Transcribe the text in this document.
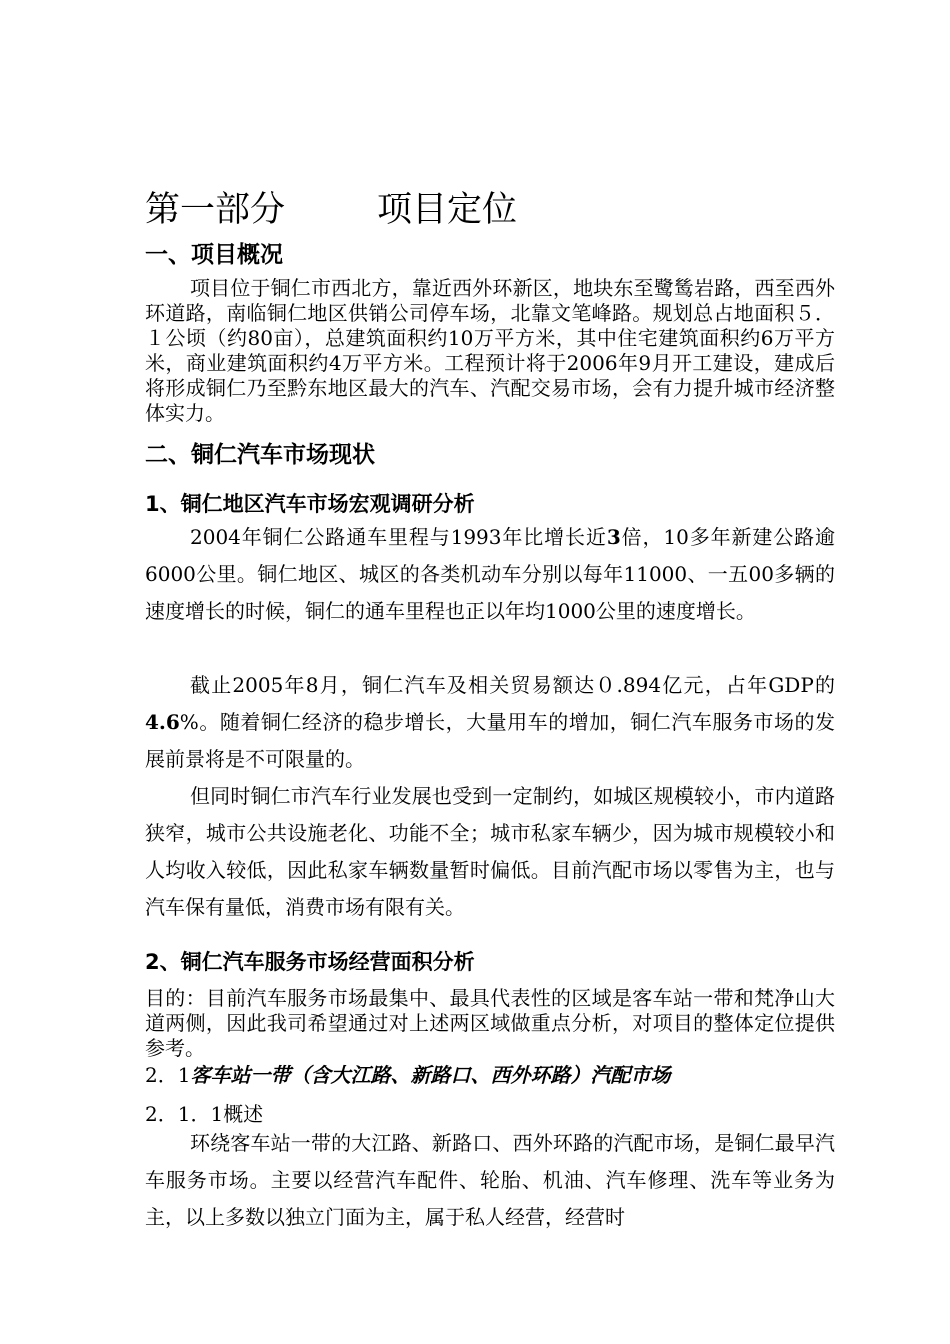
第一部分	项目定位
一、项目概况
项目位于铜仁市西北方，靠近西外环新区，地块东至鹭鸶岩路，西至西外环道路，南临铜仁地区供销公司停车场，北靠文笔峰路。规划总占地面积５．１公顷（约80亩），总建筑面积约10万平方米，其中住宅建筑面积约6万平方米，商业建筑面积约4万平方米。工程预计将于2006年9月开工建设，建成后将形成铜仁乃至黔东地区最大的汽车、汽配交易市场，会有力提升城市经济整体实力。
二、铜仁汽车市场现状
1、铜仁地区汽车市场宏观调研分析
2004年铜仁公路通车里程与1993年比增长近3倍，10多年新建公路逾6000公里。铜仁地区、城区的各类机动车分别以每年11000、一五00多辆的速度增长的时候，铜仁的通车里程也正以年均1000公里的速度增长。
截止2005年8月，铜仁汽车及相关贸易额达０.894亿元，占年GDP的4.6%。随着铜仁经济的稳步增长，大量用车的增加，铜仁汽车服务市场的发展前景将是不可限量的。
但同时铜仁市汽车行业发展也受到一定制约，如城区规模较小，市内道路狭窄，城市公共设施老化、功能不全；城市私家车辆少，因为城市规模较小和人均收入较低，因此私家车辆数量暂时偏低。目前汽配市场以零售为主，也与汽车保有量低，消费市场有限有关。
2、铜仁汽车服务市场经营面积分析
目的：目前汽车服务市场最集中、最具代表性的区域是客车站一带和梵净山大道两侧，因此我司希望通过对上述两区域做重点分析，对项目的整体定位提供参考。
2．1客车站一带（含大江路、新路口、西外环路）汽配市场
2．1．1概述
环绕客车站一带的大江路、新路口、西外环路的汽配市场，是铜仁最早汽车服务市场。主要以经营汽车配件、轮胎、机油、汽车修理、洗车等业务为主，以上多数以独立门面为主，属于私人经营，经营时
